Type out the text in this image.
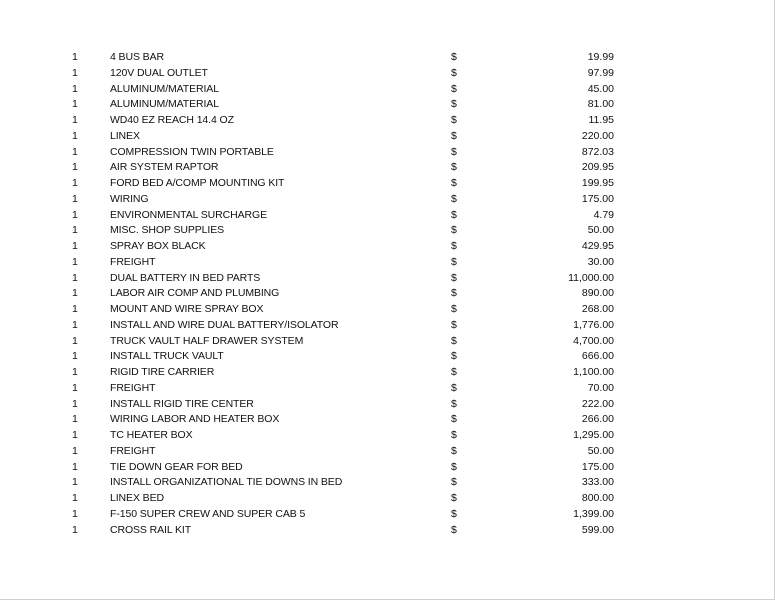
1	4 BUS BAR	$	19.99
1	120V DUAL OUTLET	$	97.99
1	ALUMINUM/MATERIAL	$	45.00
1	ALUMINUM/MATERIAL	$	81.00
1	WD40 EZ REACH 14.4 OZ	$	11.95
1	LINEX	$	220.00
1	COMPRESSION TWIN PORTABLE	$	872.03
1	AIR SYSTEM RAPTOR	$	209.95
1	FORD BED A/COMP MOUNTING KIT	$	199.95
1	WIRING	$	175.00
1	ENVIRONMENTAL SURCHARGE	$	4.79
1	MISC. SHOP SUPPLIES	$	50.00
1	SPRAY BOX BLACK	$	429.95
1	FREIGHT	$	30.00
1	DUAL BATTERY IN BED PARTS	$	11,000.00
1	LABOR AIR COMP AND PLUMBING	$	890.00
1	MOUNT AND WIRE SPRAY BOX	$	268.00
1	INSTALL AND WIRE DUAL BATTERY/ISOLATOR	$	1,776.00
1	TRUCK VAULT HALF DRAWER SYSTEM	$	4,700.00
1	INSTALL TRUCK VAULT	$	666.00
1	RIGID TIRE CARRIER	$	1,100.00
1	FREIGHT	$	70.00
1	INSTALL RIGID TIRE CENTER	$	222.00
1	WIRING LABOR AND HEATER BOX	$	266.00
1	TC HEATER BOX	$	1,295.00
1	FREIGHT	$	50.00
1	TIE DOWN GEAR FOR BED	$	175.00
1	INSTALL ORGANIZATIONAL TIE DOWNS IN BED	$	333.00
1	LINEX BED	$	800.00
1	F-150 SUPER CREW AND SUPER CAB 5	$	1,399.00
1	CROSS RAIL KIT	$	599.00
